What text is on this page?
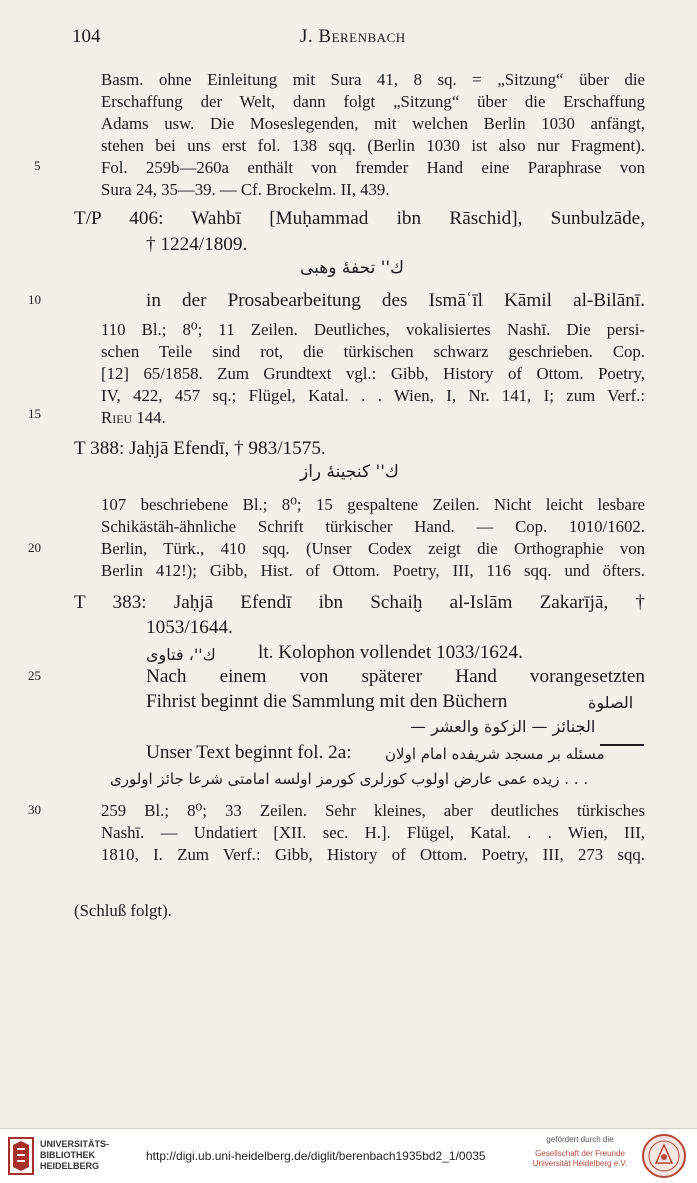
104	J. Berenbach
5
10
15
20
25
30
Basm. ohne Einleitung mit Sura 41, 8 sq. = „Sitzung“ über die
Erschaffung der Welt, dann folgt „Sitzung“ über die Erschaffung
Adams usw. Die Moseslegenden, mit welchen Berlin 1030 anfängt,
stehen bei uns erst fol. 138 sqq. (Berlin 1030 ist also nur Fragment).
Fol. 259b—260a enthält von fremder Hand eine Paraphrase von
Sura 24, 35—39. — Cf. Brockelm. II, 439.
T/P 406: Wahbī [Muḥammad ibn Rāschid], Sunbulzāde,
† 1224/1809.
ك'' تحفهٔ وهبى
in der Prosabearbeitung des Ismāʿīl Kāmil al-Bilānī.
110 Bl.; 8⁰; 11 Zeilen. Deutliches, vokalisiertes Nashī. Die persi-
schen Teile sind rot, die türkischen schwarz geschrieben. Cop.
[12] 65/1858. Zum Grundtext vgl.: Gibb, History of Ottom. Poetry,
IV, 422, 457 sq.; Flügel, Katal. . . Wien, I, Nr. 141, I; zum Verf.:
Rieu 144.
T 388: Jaḥjā Efendī, † 983/1575.
ك'' كنجينهٔ راز
107 beschriebene Bl.; 8⁰; 15 gespaltene Zeilen. Nicht leicht lesbare
Schikästäh-ähnliche Schrift türkischer Hand. — Cop. 1010/1602.
Berlin, Türk., 410 sqq. (Unser Codex zeigt die Orthographie von
Berlin 412!); Gibb, Hist. of Ottom. Poetry, III, 116 sqq. und öfters.
T 383: Jaḥjā Efendī ibn Schaiḫ al-Islām Zakarījā, †
1053/1644.
ك''، فتاوى lt. Kolophon vollendet 1033/1624.
Nach einem von späterer Hand vorangesetzten
Fihrist beginnt die Sammlung mit den Büchern	الصلوة
— الجنائز — الزكوة والعشر
Unser Text beginnt fol. 2a: مسئله بر مسجد شريفده امام اولان
زيده عمى عارض اولوب كوزلرى كورمز اولسه امامتى شرعا جائز اولورى . . .
259 Bl.; 8⁰; 33 Zeilen. Sehr kleines, aber deutliches türkisches
Nashī. — Undatiert [XII. sec. H.]. Flügel, Katal. . . Wien, III,
1810, I. Zum Verf.: Gibb, History of Ottom. Poetry, III, 273 sqq.
(Schluß folgt).
UNIVERSITÄTS-
BIBLIOTHEK
HEIDELBERG
http://digi.ub.uni-heidelberg.de/diglit/berenbach1935bd2_1/0035
gefördert durch die
Gesellschaft der Freunde
Universität Heidelberg e.V.
